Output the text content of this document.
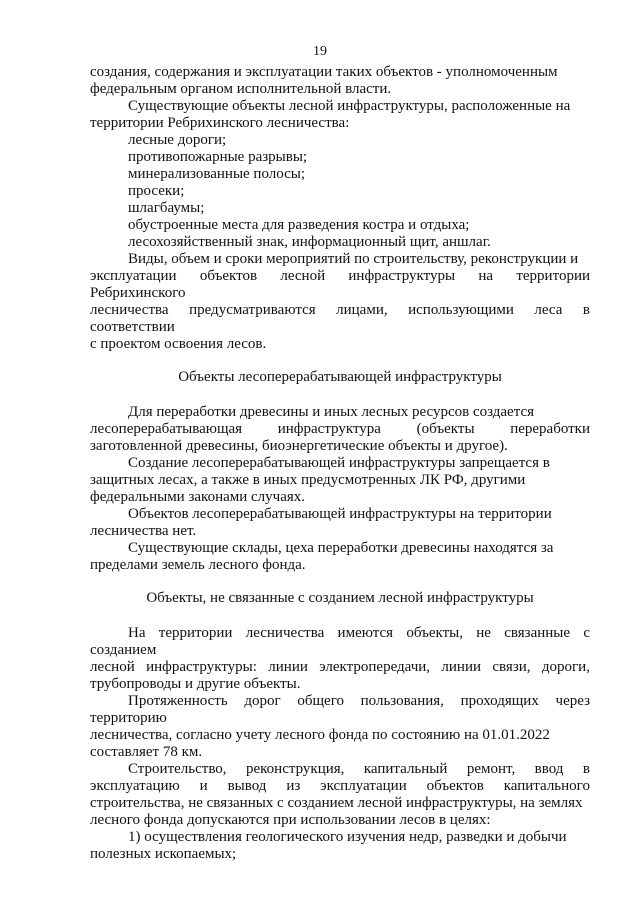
19

создания, содержания и эксплуатации таких объектов - уполномоченным

федеральным органом исполнительной власти.

Существующие объекты лесной инфраструктуры, расположенные на

территории Ребрихинского лесничества:

лесные дороги;

противопожарные разрывы;

минерализованные полосы;

просеки;

шлагбаумы;

обустроенные места для разведения костра и отдыха;

лесохозяйственный знак, информационный щит, аншлаг.

Виды, объем и сроки мероприятий по строительству, реконструкции и

эксплуатации объектов лесной инфраструктуры на территории Ребрихинского

лесничества предусматриваются лицами, использующими леса в соответствии

с проектом освоения лесов.

Объекты лесоперерабатывающей инфраструктуры

Для переработки древесины и иных лесных ресурсов создается

лесоперерабатывающая инфраструктура (объекты переработки

заготовленной древесины, биоэнергетические объекты и другое).

Создание лесоперерабатывающей инфраструктуры запрещается в

защитных лесах, а также в иных предусмотренных ЛК РФ, другими

федеральными законами случаях.

Объектов лесоперерабатывающей инфраструктуры на территории

лесничества нет.

Существующие склады, цеха переработки древесины находятся за

пределами земель лесного фонда.

Объекты, не связанные с созданием лесной инфраструктуры

На территории лесничества имеются объекты, не связанные с созданием

лесной инфраструктуры: линии электропередачи, линии связи, дороги,

трубопроводы и другие объекты.

Протяженность дорог общего пользования, проходящих через территорию

лесничества, согласно учету лесного фонда по состоянию на 01.01.2022

составляет 78 км.

Строительство, реконструкция, капитальный ремонт, ввод в
эксплуатацию и вывод из эксплуатации объектов капитального

строительства, не связанных с созданием лесной инфраструктуры, на землях

лесного фонда допускаются при использовании лесов в целях:

1) осуществления геологического изучения недр, разведки и добычи

полезных ископаемых;
